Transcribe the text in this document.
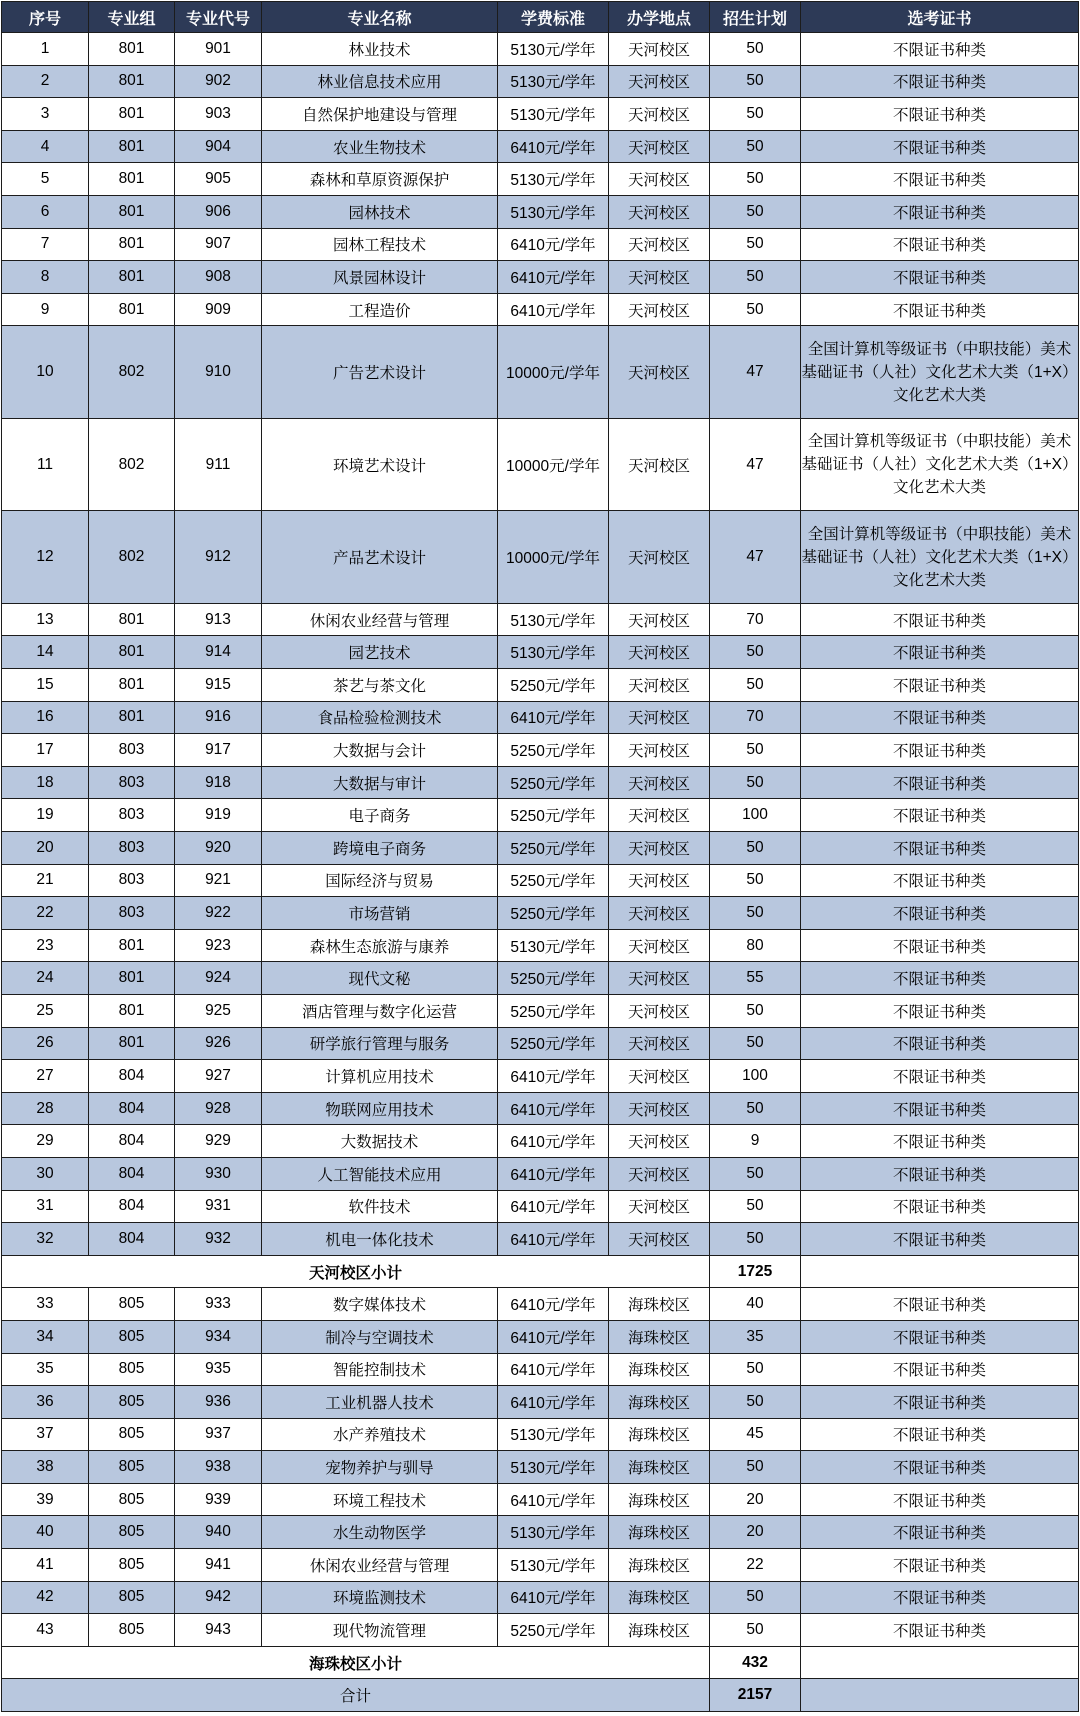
序号	专业组	专业代号	专业名称	学费标准	办学地点	招生计划	选考证书
1	801	901	林业技术	5130元/学年	天河校区	50	不限证书种类
2	801	902	林业信息技术应用	5130元/学年	天河校区	50	不限证书种类
3	801	903	自然保护地建设与管理	5130元/学年	天河校区	50	不限证书种类
4	801	904	农业生物技术	6410元/学年	天河校区	50	不限证书种类
5	801	905	森林和草原资源保护	5130元/学年	天河校区	50	不限证书种类
6	801	906	园林技术	5130元/学年	天河校区	50	不限证书种类
7	801	907	园林工程技术	6410元/学年	天河校区	50	不限证书种类
8	801	908	风景园林设计	6410元/学年	天河校区	50	不限证书种类
9	801	909	工程造价	6410元/学年	天河校区	50	不限证书种类
10	802	910	广告艺术设计	10000元/学年	天河校区	47	全国计算机等级证书（中职技能）美术基础证书（人社）文化艺术大类（1+X）文化艺术大类
11	802	911	环境艺术设计	10000元/学年	天河校区	47	全国计算机等级证书（中职技能）美术基础证书（人社）文化艺术大类（1+X）文化艺术大类
12	802	912	产品艺术设计	10000元/学年	天河校区	47	全国计算机等级证书（中职技能）美术基础证书（人社）文化艺术大类（1+X）文化艺术大类
13	801	913	休闲农业经营与管理	5130元/学年	天河校区	70	不限证书种类
14	801	914	园艺技术	5130元/学年	天河校区	50	不限证书种类
15	801	915	茶艺与茶文化	5250元/学年	天河校区	50	不限证书种类
16	801	916	食品检验检测技术	6410元/学年	天河校区	70	不限证书种类
17	803	917	大数据与会计	5250元/学年	天河校区	50	不限证书种类
18	803	918	大数据与审计	5250元/学年	天河校区	50	不限证书种类
19	803	919	电子商务	5250元/学年	天河校区	100	不限证书种类
20	803	920	跨境电子商务	5250元/学年	天河校区	50	不限证书种类
21	803	921	国际经济与贸易	5250元/学年	天河校区	50	不限证书种类
22	803	922	市场营销	5250元/学年	天河校区	50	不限证书种类
23	801	923	森林生态旅游与康养	5130元/学年	天河校区	80	不限证书种类
24	801	924	现代文秘	5250元/学年	天河校区	55	不限证书种类
25	801	925	酒店管理与数字化运营	5250元/学年	天河校区	50	不限证书种类
26	801	926	研学旅行管理与服务	5250元/学年	天河校区	50	不限证书种类
27	804	927	计算机应用技术	6410元/学年	天河校区	100	不限证书种类
28	804	928	物联网应用技术	6410元/学年	天河校区	50	不限证书种类
29	804	929	大数据技术	6410元/学年	天河校区	9	不限证书种类
30	804	930	人工智能技术应用	6410元/学年	天河校区	50	不限证书种类
31	804	931	软件技术	6410元/学年	天河校区	50	不限证书种类
32	804	932	机电一体化技术	6410元/学年	天河校区	50	不限证书种类
天河校区小计						1725	
33	805	933	数字媒体技术	6410元/学年	海珠校区	40	不限证书种类
34	805	934	制冷与空调技术	6410元/学年	海珠校区	35	不限证书种类
35	805	935	智能控制技术	6410元/学年	海珠校区	50	不限证书种类
36	805	936	工业机器人技术	6410元/学年	海珠校区	50	不限证书种类
37	805	937	水产养殖技术	5130元/学年	海珠校区	45	不限证书种类
38	805	938	宠物养护与驯导	5130元/学年	海珠校区	50	不限证书种类
39	805	939	环境工程技术	6410元/学年	海珠校区	20	不限证书种类
40	805	940	水生动物医学	5130元/学年	海珠校区	20	不限证书种类
41	805	941	休闲农业经营与管理	5130元/学年	海珠校区	22	不限证书种类
42	805	942	环境监测技术	6410元/学年	海珠校区	50	不限证书种类
43	805	943	现代物流管理	5250元/学年	海珠校区	50	不限证书种类
海珠校区小计						432	
合计						2157	
